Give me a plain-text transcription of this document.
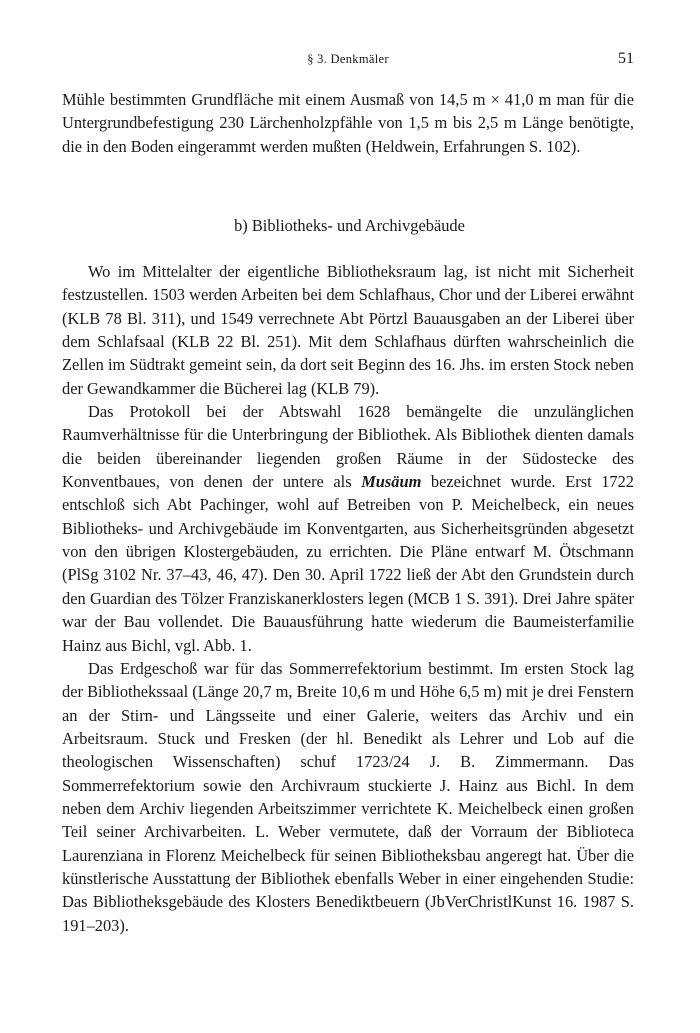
§ 3. Denkmäler	51

Mühle bestimmten Grundfläche mit einem Ausmaß von 14,5 m × 41,0 m man für die Untergrundbefestigung 230 Lärchenholzpfähle von 1,5 m bis 2,5 m Länge benötigte, die in den Boden eingerammt werden mußten (Heldwein, Erfahrungen S. 102).

b) Bibliotheks- und Archivgebäude

Wo im Mittelalter der eigentliche Bibliotheksraum lag, ist nicht mit Sicherheit festzustellen. 1503 werden Arbeiten bei dem Schlafhaus, Chor und der Liberei erwähnt (KLB 78 Bl. 311), und 1549 verrechnete Abt Pörtzl Bauausgaben an der Liberei über dem Schlafsaal (KLB 22 Bl. 251). Mit dem Schlafhaus dürften wahrscheinlich die Zellen im Südtrakt gemeint sein, da dort seit Beginn des 16. Jhs. im ersten Stock neben der Gewandkammer die Bücherei lag (KLB 79).

Das Protokoll bei der Abtswahl 1628 bemängelte die unzulänglichen Raumverhältnisse für die Unterbringung der Bibliothek. Als Bibliothek dienten damals die beiden übereinander liegenden großen Räume in der Südostecke des Konventbaues, von denen der untere als Musäum bezeichnet wurde. Erst 1722 entschloß sich Abt Pachinger, wohl auf Betreiben von P. Meichelbeck, ein neues Bibliotheks- und Archivgebäude im Konventgarten, aus Sicherheitsgründen abgesetzt von den übrigen Klostergebäuden, zu errichten. Die Pläne entwarf M. Ötschmann (PlSg 3102 Nr. 37–43, 46, 47). Den 30. April 1722 ließ der Abt den Grundstein durch den Guardian des Tölzer Franziskanerklosters legen (MCB 1 S. 391). Drei Jahre später war der Bau vollendet. Die Bauausführung hatte wiederum die Baumeisterfamilie Hainz aus Bichl, vgl. Abb. 1.

Das Erdgeschoß war für das Sommerrefektorium bestimmt. Im ersten Stock lag der Bibliothekssaal (Länge 20,7 m, Breite 10,6 m und Höhe 6,5 m) mit je drei Fenstern an der Stirn- und Längsseite und einer Galerie, weiters das Archiv und ein Arbeitsraum. Stuck und Fresken (der hl. Benedikt als Lehrer und Lob auf die theologischen Wissenschaften) schuf 1723/24 J. B. Zimmermann. Das Sommerrefektorium sowie den Archivraum stuckierte J. Hainz aus Bichl. In dem neben dem Archiv liegenden Arbeitszimmer verrichtete K. Meichelbeck einen großen Teil seiner Archivarbeiten. L. Weber vermutete, daß der Vorraum der Biblioteca Laurenziana in Florenz Meichelbeck für seinen Bibliotheksbau angeregt hat. Über die künstlerische Ausstattung der Bibliothek ebenfalls Weber in einer eingehenden Studie: Das Bibliotheksgebäude des Klosters Benediktbeuern (JbVerChristlKunst 16. 1987 S. 191–203).
